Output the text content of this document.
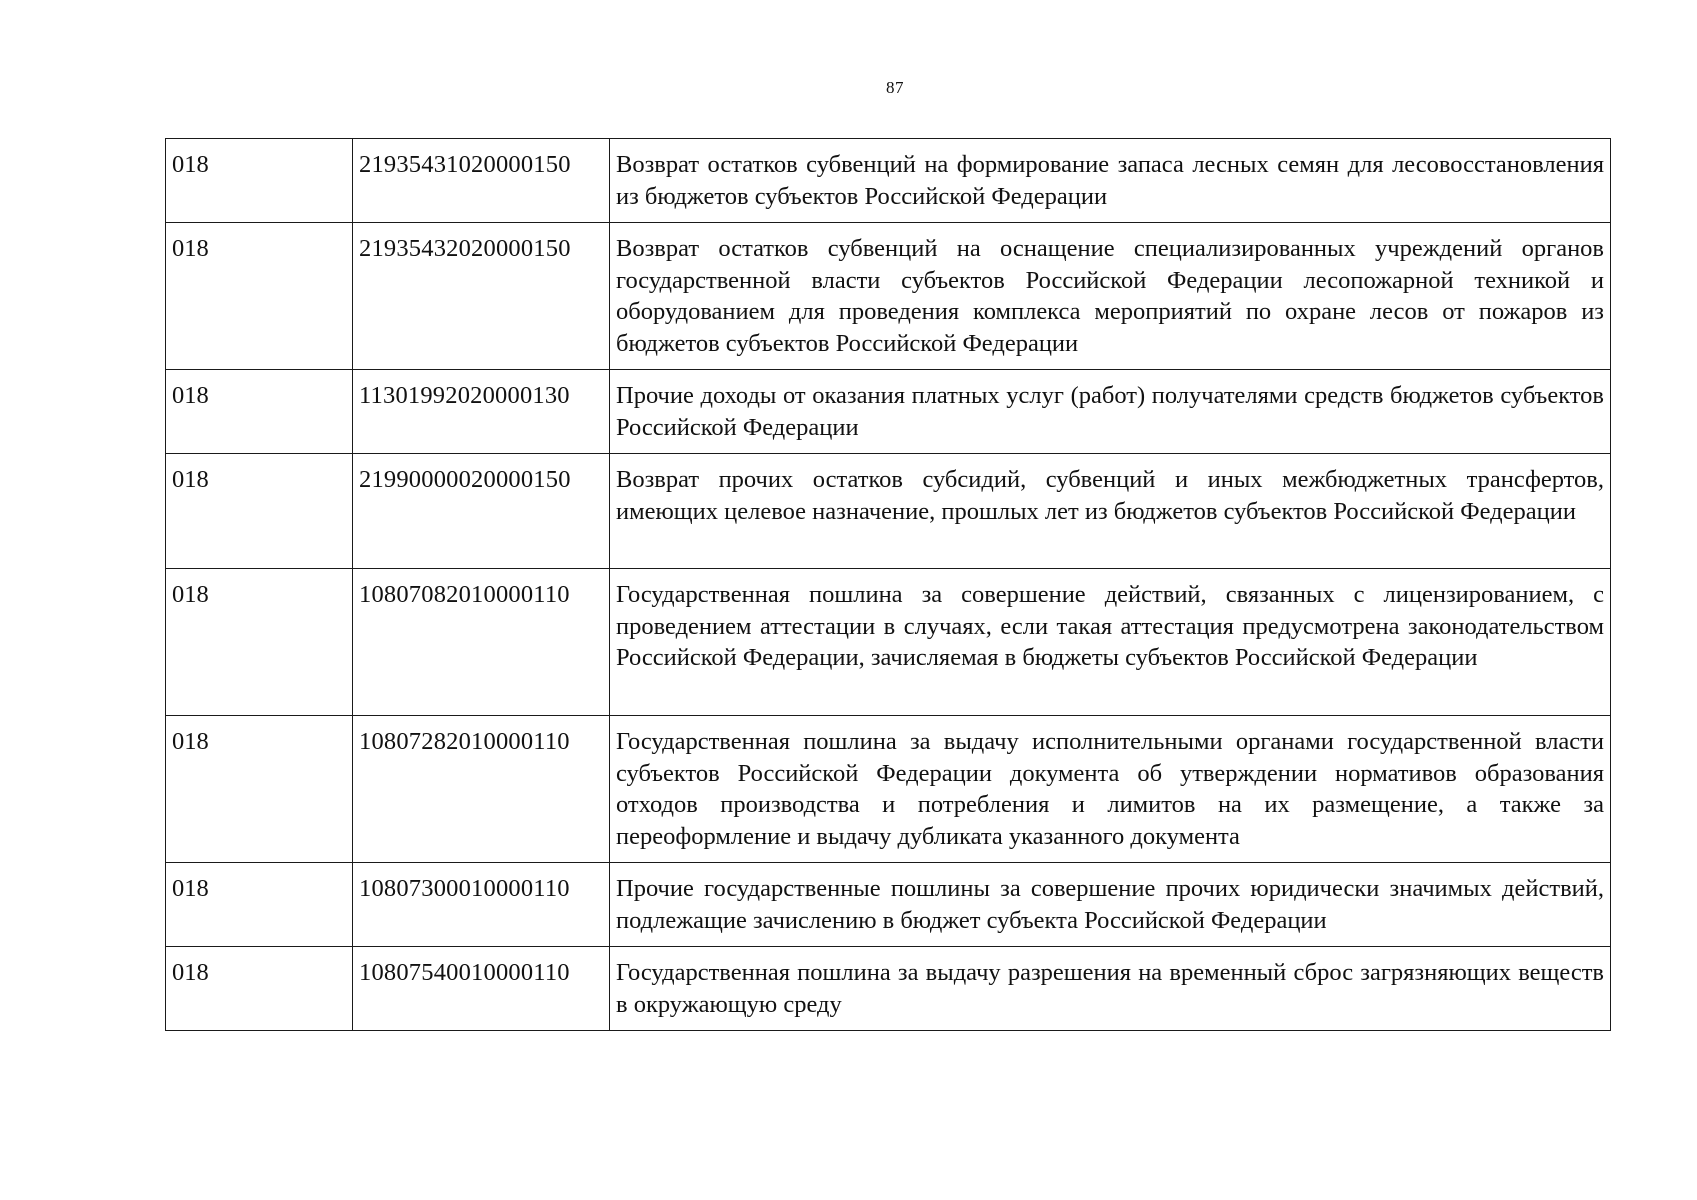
87
018	21935431020000150	Возврат остатков субвенций на формирование запаса лесных семян для лесовосстановления из бюджетов субъектов Российской Федерации
018	21935432020000150	Возврат остатков субвенций на оснащение специализированных учреждений органов государственной власти субъектов Российской Федерации лесопожарной техникой и оборудованием для проведения комплекса мероприятий по охране лесов от пожаров из бюджетов субъектов Российской Федерации
018	11301992020000130	Прочие доходы от оказания платных услуг (работ) получателями средств бюджетов субъектов Российской Федерации
018	21990000020000150	Возврат прочих остатков субсидий, субвенций и иных межбюджетных трансфертов, имеющих целевое назначение, прошлых лет из бюджетов субъектов Российской Федерации
018	10807082010000110	Государственная пошлина за совершение действий, связанных с лицензированием, с проведением аттестации в случаях, если такая аттестация предусмотрена законодательством Российской Федерации, зачисляемая в бюджеты субъектов Российской Федерации
018	10807282010000110	Государственная пошлина за выдачу исполнительными органами государственной власти субъектов Российской Федерации документа об утверждении нормативов образования отходов производства и потребления и лимитов на их размещение, а также за переоформление и выдачу дубликата указанного документа
018	10807300010000110	Прочие государственные пошлины за совершение прочих юридически значимых действий, подлежащие зачислению в бюджет субъекта Российской Федерации
018	10807540010000110	Государственная пошлина за выдачу разрешения на временный сброс загрязняющих веществ в окружающую среду
